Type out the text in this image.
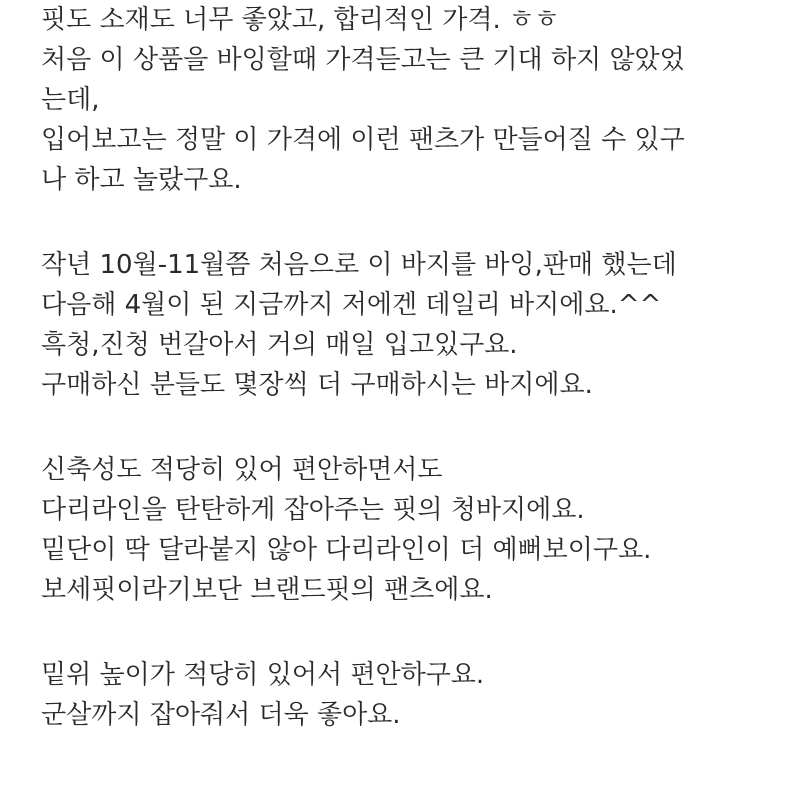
핏도 소재도 너무 좋았고, 합리적인 가격. ㅎㅎ
처음 이 상품을 바잉할때 가격듣고는 큰 기대 하지 않았었
는데,
입어보고는 정말 이 가격에 이런 팬츠가 만들어질 수 있구
나 하고 놀랐구요.
작년 10월-11월쯤 처음으로 이 바지를 바잉,판매 했는데
다음해 4월이 된 지금까지 저에겐 데일리 바지에요.^^
흑청,진청 번갈아서 거의 매일 입고있구요.
구매하신 분들도 몇장씩 더 구매하시는 바지에요.
신축성도 적당히 있어 편안하면서도
다리라인을 탄탄하게 잡아주는 핏의 청바지에요.
밑단이 딱 달라붙지 않아 다리라인이 더 예뻐보이구요.
보세핏이라기보단 브랜드핏의 팬츠에요.
밑위 높이가 적당히 있어서 편안하구요.
군살까지 잡아줘서 더욱 좋아요.
